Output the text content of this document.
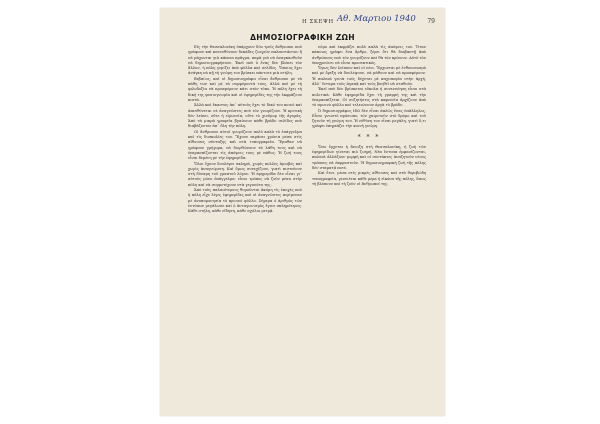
Η ΣΚΕΨΗ Αθ. Μαρτιου 1940 79
ΔΗΜΟΣΙΟΓΡΑΦΙΚΗ ΖΩΗ

Εἰς τὴν Θεσσαλονίκη ὑπάρχουν δύο τρεῖς ἄνθρωποι ποὺ γράφουν καὶ κατευθύνουν δεκάδες ζωηρῶν παλαιστάστου ἢ νὰ μάχονται γιὰ κάποια πρᾶγμα, παρὰ γιὰ νὰ ἀναγκασθοῦν νὰ δημοσιογραφήσουν. Ἐκεῖ ποὺ ὁ ἕνας δὲν βλέπει τὸν ἄλλον, ἡ πόλη γεμίζει ἀπὸ φύλλα καὶ σελίδες. Ὅποιος ἔχει ἀνάγκη νὰ πῇ τὴ γνώμη του βρίσκει πάντοτε μιὰ στήλη.

Βεβαίως, καὶ οἱ δημοσιογράφοι εἶναι ἄνθρωποι μὲ τὰ πάθη των καὶ μὲ τὰ συμφέροντά τους, ἀλλὰ καὶ μὲ τὴ φιλοδοξία νὰ προσφέρουν κάτι στὸν τόπο. Ἡ πόλη ἔχει τὴ δική της φυσιογνωμία καὶ οἱ ἐφημερίδες της τὴν ἐκφράζουν πιστά.

Ἀλλὰ καὶ ἕκαστος ἀπ᾿ αὐτοὺς ἔχει τὸ δικό του κοινὸ καὶ ἀπευθύνεται σὲ ἀναγνῶστες ποὺ τὸν γνωρίζουν. Ἡ κριτικὴ δὲν λείπει, οὔτε ἡ εἰρωνεία, οὔτε τὸ χιοῦμορ τῆς ἀγορᾶς. Ἀπὸ τὰ μικρὰ γραφεῖα βγαίνουν κάθε βράδυ σελίδες ποὺ διαβάζονται ἀπ᾿ ὅλη τὴν πόλη.

Οἱ ἄνθρωποι αὐτοὶ γνωρίζουν πολὺ καλὰ τὸ ἐπάγγελμα καὶ τὶς δυσκολίες του. Ἔχουν περάσει χρόνια μέσα στὶς αἴθουσες σύνταξης καὶ στὰ τυπογραφεῖα. Ἔμαθαν νὰ γράφουν γρήγορα, νὰ διορθώνουν τὰ λάθη τους καὶ νὰ ὑπερασπίζονται τὶς ἀπόψεις τους μὲ πάθος. Ἡ ζωή τους εἶναι δεμένη μὲ τὴν ἐφημερίδα.

Ὅλοι ἔχουν δουλέψει σκληρά, χωρὶς πολλὲς ἀμοιβὲς καὶ χωρὶς ἀναγνώριση. Καὶ ὅμως συνεχίζουν, γιατὶ πιστεύουν στὴ δύναμη τοῦ γραπτοῦ λόγου. Ἡ ἐφημερίδα δὲν εἶναι γι᾿ αὐτοὺς μόνο ἐπάγγελμα· εἶναι τρόπος νὰ ζοῦν μέσα στὴν πόλη καὶ νὰ συμμετέχουν στὰ γεγονότα της.

Ἀπὸ τοὺς παλαιότερους θυμοῦνται ἀκόμη τὶς ἐποχὲς ποὺ ἡ πόλη εἶχε λίγες ἐφημερίδες καὶ οἱ ἀναγνῶστες περίμεναν μὲ ἀνυπομονησία τὸ πρωινὸ φύλλο. Σήμερα ὁ ἀριθμὸς τῶν ἐντύπων μεγάλωσε καὶ ὁ ἀνταγωνισμὸς ἔγινε σκληρότερος. Κάθε στήλη, κάθε εἴδηση, κάθε σχόλιο μετρᾷ.

νόμο καὶ ἐκφράζει πολὺ καλὰ τὶς ἀπόψεις του. Ὅταν κάποιος γράφει ἕνα ἄρθρο, ξέρει ὅτι θὰ διαβαστῇ ἀπὸ ἀνθρώπους ποὺ τὸν γνωρίζουν καὶ θὰ τὸν κρίνουν. Αὐτὸ τὸν ὑποχρεώνει νὰ εἶναι προσεκτικός.

Ὅμως δὲν λείπουν καὶ οἱ νέοι. Ἔρχονται μὲ ἐνθουσιασμὸ καὶ μὲ ὄρεξη νὰ δουλέψουν, νὰ μάθουν καὶ νὰ προσφέρουν. Ἡ παλαιὰ γενιὰ τοὺς δέχεται μὲ καχυποψία στὴν ἀρχή, ἀλλ᾿ ὕστερα τοὺς ἀγαπᾷ καὶ τοὺς βοηθεῖ νὰ σταθοῦν.

Ἐκεῖ ποὺ δὲν βρίσκεται εὔκολα ἡ συνεννόηση εἶναι στὰ πολιτικά. Κάθε ἐφημερίδα ἔχει τὴ γραμμή της καὶ τὴν ὑπερασπίζεται. Οἱ συζητήσεις στὰ καφενεῖα ἀρχίζουν ἀπὸ τὸ πρωινὸ φύλλο καὶ τελειώνουν ἀργὰ τὸ βράδυ.

Ὁ δημοσιογράφος ἐδῶ δὲν εἶναι ἁπλῶς ἕνας ὑπάλληλος. Εἶναι γνωστὸ πρόσωπο, τὸν χαιρετοῦν στὸ δρόμο καὶ τοῦ ζητοῦν τὴ γνώμη του. Ἡ εὐθύνη του εἶναι μεγάλη, γιατὶ ὅ,τι γράφει ἐπηρεάζει τὴν κοινὴ γνώμη.

* * *

Ὅσο ἔρχεται ἡ ἄνοιξη στὴ Θεσσαλονίκη, ἡ ζωὴ τῶν ἐφημερίδων γίνεται πιὸ ζωηρή. Νέα ἔντυπα ἐμφανίζονται, παλαιὰ ἀλλάζουν μορφὴ καὶ οἱ συντάκτες ἀναζητοῦν νέους τρόπους νὰ ἐκφραστοῦν. Ἡ δημοσιογραφικὴ ζωὴ τῆς πόλης δὲν σταματᾷ ποτέ.

Καὶ ἔτσι, μέσα στὶς μικρὲς αἴθουσες καὶ στὰ θορυβώδη τυπογραφεῖα, γεννιέται κάθε μέρα ἡ εἰκόνα τῆς πόλης, ὅπως τὴ βλέπουν καὶ τὴ ζοῦν οἱ ἄνθρωποί της.
